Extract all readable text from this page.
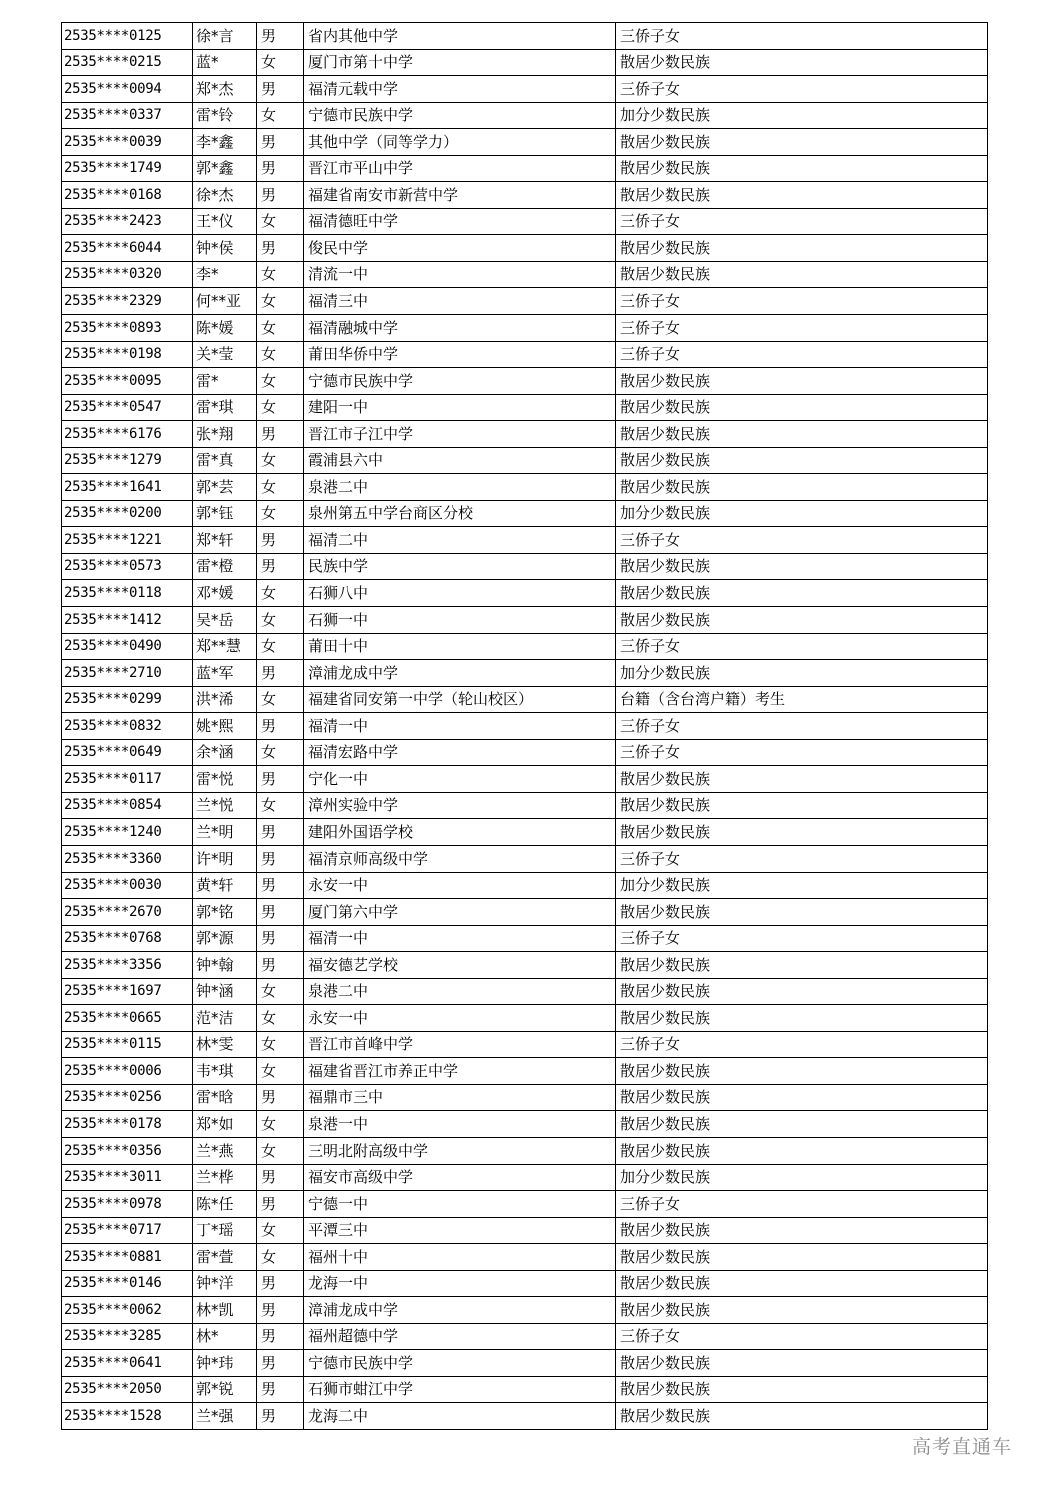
2535****0125	徐*言	男	省内其他中学	三侨子女
2535****0215	蓝*	女	厦门市第十中学	散居少数民族
2535****0094	郑*杰	男	福清元载中学	三侨子女
2535****0337	雷*铃	女	宁德市民族中学	加分少数民族
2535****0039	李*鑫	男	其他中学（同等学力）	散居少数民族
2535****1749	郭*鑫	男	晋江市平山中学	散居少数民族
2535****0168	徐*杰	男	福建省南安市新营中学	散居少数民族
2535****2423	王*仪	女	福清德旺中学	三侨子女
2535****6044	钟*侯	男	俊民中学	散居少数民族
2535****0320	李*	女	清流一中	散居少数民族
2535****2329	何**亚	女	福清三中	三侨子女
2535****0893	陈*媛	女	福清融城中学	三侨子女
2535****0198	关*莹	女	莆田华侨中学	三侨子女
2535****0095	雷*	女	宁德市民族中学	散居少数民族
2535****0547	雷*琪	女	建阳一中	散居少数民族
2535****6176	张*翔	男	晋江市子江中学	散居少数民族
2535****1279	雷*真	女	霞浦县六中	散居少数民族
2535****1641	郭*芸	女	泉港二中	散居少数民族
2535****0200	郭*钰	女	泉州第五中学台商区分校	加分少数民族
2535****1221	郑*轩	男	福清二中	三侨子女
2535****0573	雷*橙	男	民族中学	散居少数民族
2535****0118	邓*媛	女	石狮八中	散居少数民族
2535****1412	吴*岳	女	石狮一中	散居少数民族
2535****0490	郑**慧	女	莆田十中	三侨子女
2535****2710	蓝*军	男	漳浦龙成中学	加分少数民族
2535****0299	洪*浠	女	福建省同安第一中学（轮山校区）	台籍（含台湾户籍）考生
2535****0832	姚*熙	男	福清一中	三侨子女
2535****0649	余*涵	女	福清宏路中学	三侨子女
2535****0117	雷*悦	男	宁化一中	散居少数民族
2535****0854	兰*悦	女	漳州实验中学	散居少数民族
2535****1240	兰*明	男	建阳外国语学校	散居少数民族
2535****3360	许*明	男	福清京师高级中学	三侨子女
2535****0030	黄*轩	男	永安一中	加分少数民族
2535****2670	郭*铭	男	厦门第六中学	散居少数民族
2535****0768	郭*源	男	福清一中	三侨子女
2535****3356	钟*翰	男	福安德艺学校	散居少数民族
2535****1697	钟*涵	女	泉港二中	散居少数民族
2535****0665	范*洁	女	永安一中	散居少数民族
2535****0115	林*雯	女	晋江市首峰中学	三侨子女
2535****0006	韦*琪	女	福建省晋江市养正中学	散居少数民族
2535****0256	雷*晗	男	福鼎市三中	散居少数民族
2535****0178	郑*如	女	泉港一中	散居少数民族
2535****0356	兰*燕	女	三明北附高级中学	散居少数民族
2535****3011	兰*桦	男	福安市高级中学	加分少数民族
2535****0978	陈*任	男	宁德一中	三侨子女
2535****0717	丁*瑶	女	平潭三中	散居少数民族
2535****0881	雷*萱	女	福州十中	散居少数民族
2535****0146	钟*洋	男	龙海一中	散居少数民族
2535****0062	林*凯	男	漳浦龙成中学	散居少数民族
2535****3285	林*	男	福州超德中学	三侨子女
2535****0641	钟*玮	男	宁德市民族中学	散居少数民族
2535****2050	郭*锐	男	石狮市蚶江中学	散居少数民族
2535****1528	兰*强	男	龙海二中	散居少数民族
高考直通车
